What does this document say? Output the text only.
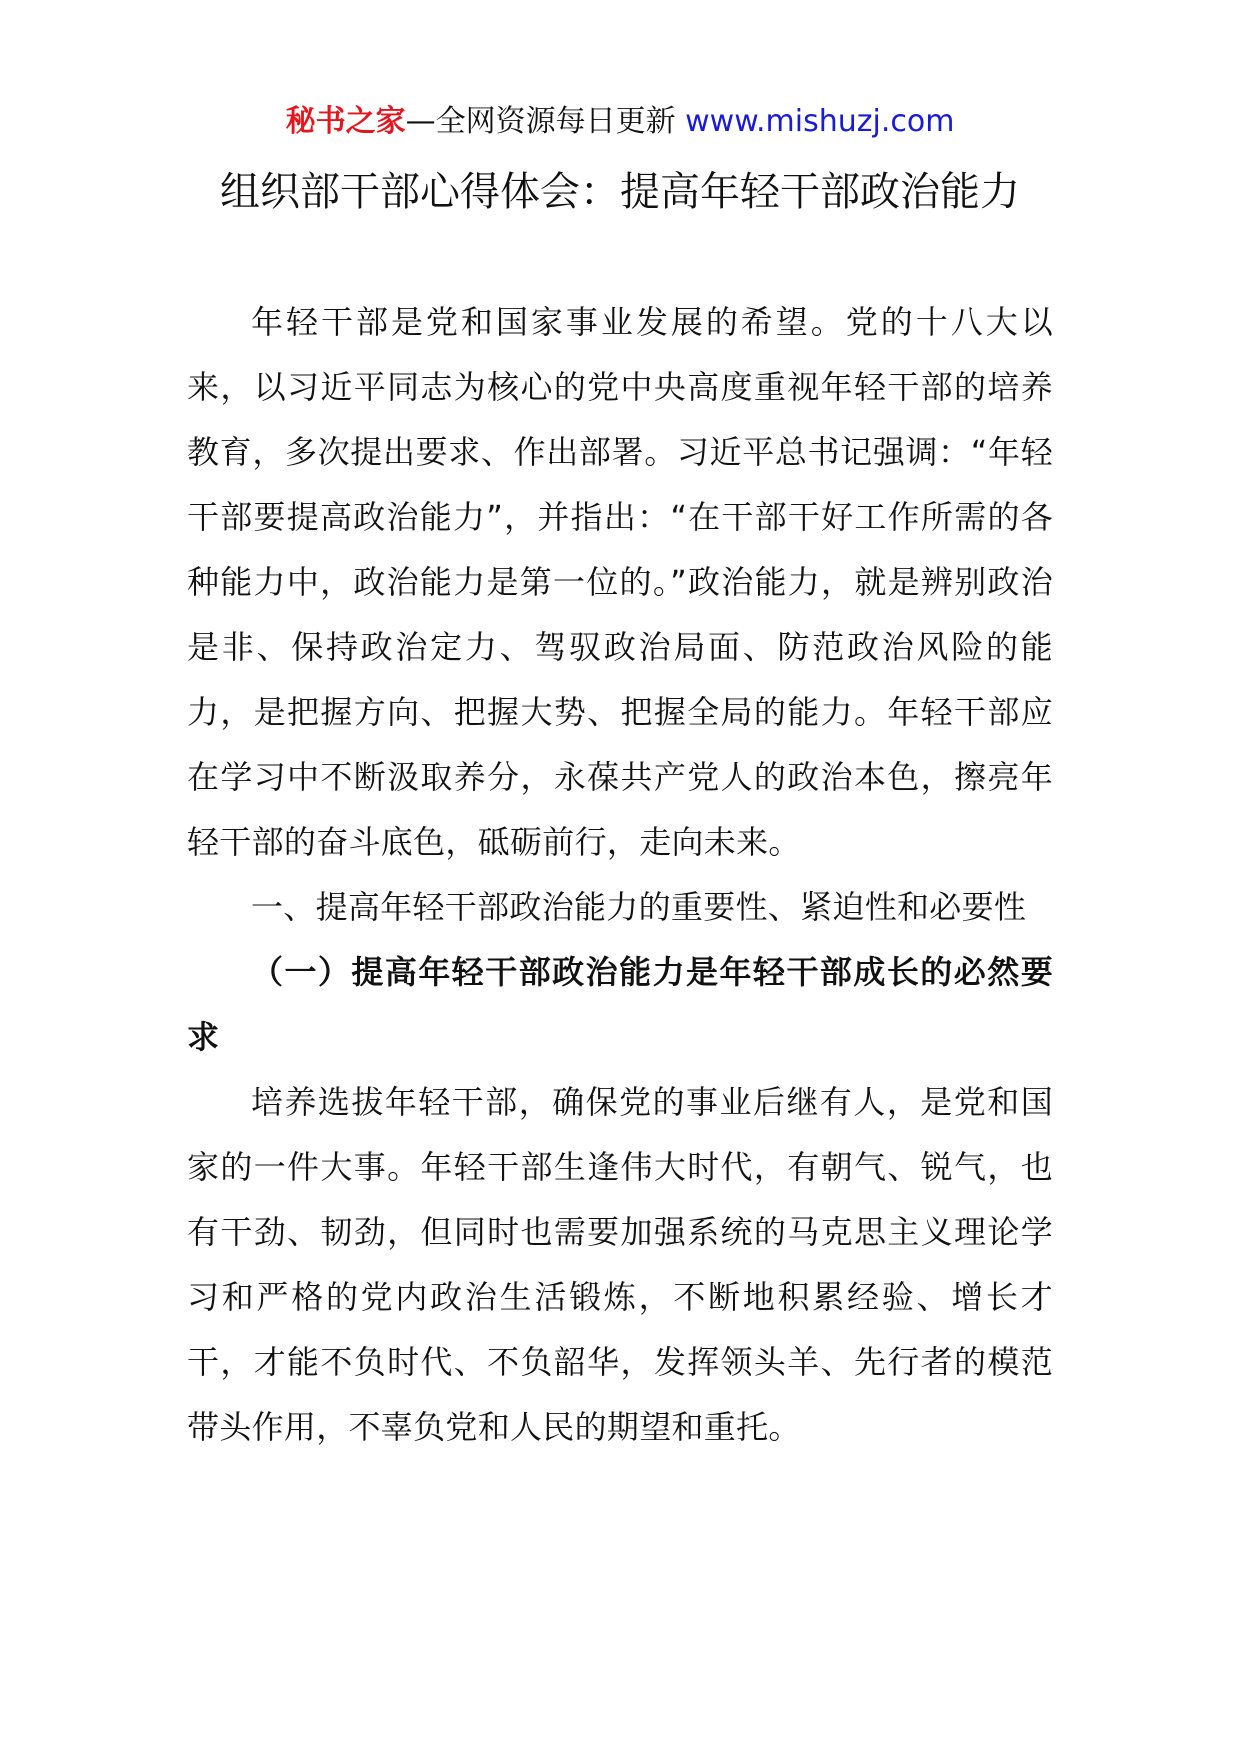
秘书之家—全网资源每日更新 www.mishuzj.com
组织部干部心得体会：提高年轻干部政治能力

年轻干部是党和国家事业发展的希望。党的十八大以来，以习近平同志为核心的党中央高度重视年轻干部的培养教育，多次提出要求、作出部署。习近平总书记强调：“年轻干部要提高政治能力”，并指出：“在干部干好工作所需的各种能力中，政治能力是第一位的。”政治能力，就是辨别政治是非、保持政治定力、驾驭政治局面、防范政治风险的能力，是把握方向、把握大势、把握全局的能力。年轻干部应在学习中不断汲取养分，永葆共产党人的政治本色，擦亮年轻干部的奋斗底色，砥砺前行，走向未来。

一、提高年轻干部政治能力的重要性、紧迫性和必要性

（一）提高年轻干部政治能力是年轻干部成长的必然要求

培养选拔年轻干部，确保党的事业后继有人，是党和国家的一件大事。年轻干部生逢伟大时代，有朝气、锐气，也有干劲、韧劲，但同时也需要加强系统的马克思主义理论学习和严格的党内政治生活锻炼，不断地积累经验、增长才干，才能不负时代、不负韶华，发挥领头羊、先行者的模范带头作用，不辜负党和人民的期望和重托。
